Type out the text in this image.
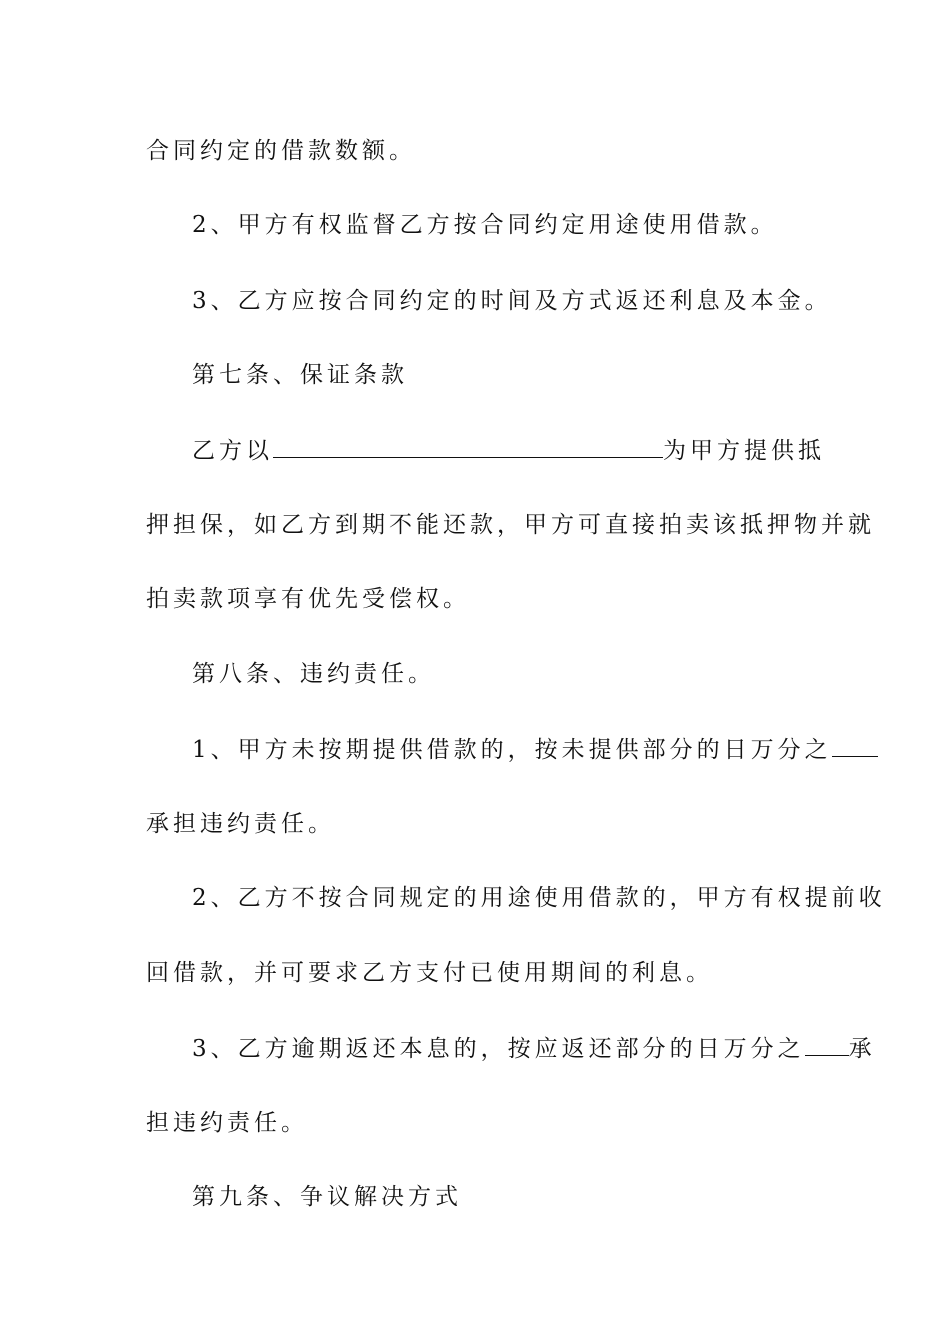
合同约定的借款数额。
2、甲方有权监督乙方按合同约定用途使用借款。
3、乙方应按合同约定的时间及方式返还利息及本金。
第七条、保证条款
乙方以	为甲方提供抵
押担保，如乙方到期不能还款，甲方可直接拍卖该抵押物并就
拍卖款项享有优先受偿权。
第八条、违约责任。
1、甲方未按期提供借款的，按未提供部分的日万分之
承担违约责任。
2、乙方不按合同规定的用途使用借款的，甲方有权提前收
回借款，并可要求乙方支付已使用期间的利息。
3、乙方逾期返还本息的，按应返还部分的日万分之 承
担违约责任。
第九条、争议解决方式
